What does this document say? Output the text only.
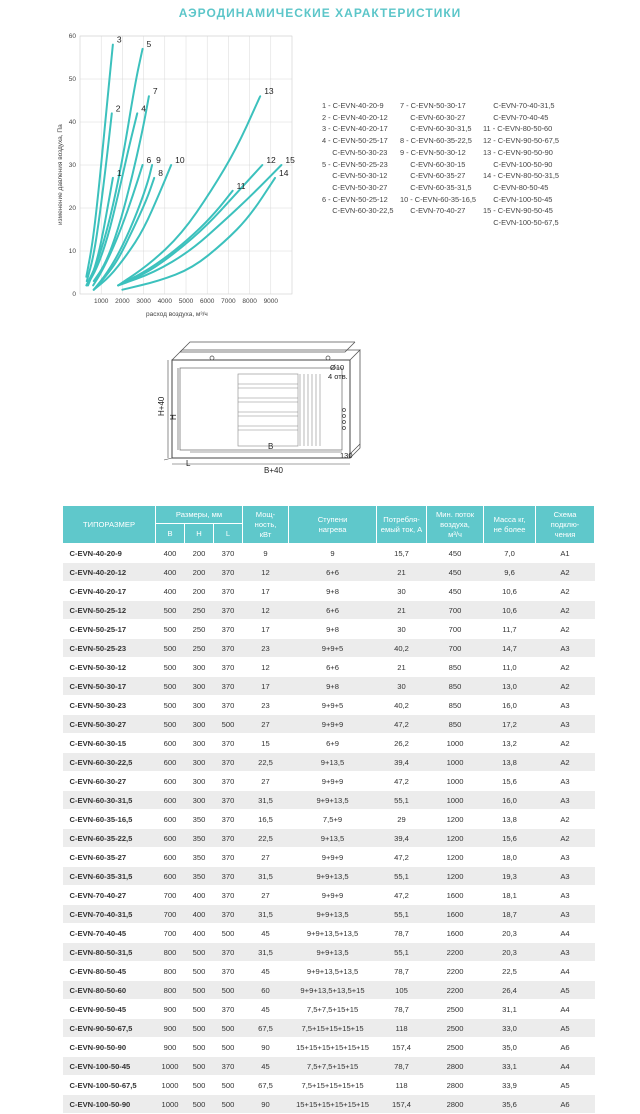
АЭРОДИНАМИЧЕСКИЕ ХАРАКТЕРИСТИКИ
1000 2000 3000 4000 5000 6000 7000 8000 9000
0
10
20
30
40
50
60
расход воздуха, м³/ч
изменение давления воздуха, Па	1
2
3
4
5
6
7
8
9 10
11
12
13
14
15
1 - C-EVN-40-20-9
2 - C-EVN-40-20-12
3 - C-EVN-40-20-17
4 - C-EVN-50-25-17
C-EVN-50-30-23
5 - C-EVN-50-25-23
C-EVN-50-30-12
C-EVN-50-30-27
6 - C-EVN-50-25-12
C-EVN-60-30-22,5
7 - C-EVN-50-30-17
C-EVN-60-30-27
C-EVN-60-30-31,5
8 - C-EVN-60-35-22,5
9 - C-EVN-50-30-12
C-EVN-60-30-15
C-EVN-60-35-27
C-EVN-60-35-31,5
10 - C-EVN-60-35-16,5
C-EVN-70-40-27
C-EVN-70-40-31,5
C-EVN-70-40-45
11 - C-EVN-80-50-60
12 - C-EVN-90-50-67,5
13 - C-EVN-90-50-90
C-EVN-100-50-90
14 - C-EVN-80-50-31,5
C-EVN-80-50-45
C-EVN-100-50-45
15 - C-EVN-90-50-45
C-EVN-100-50-67,5
H+40
H
B
B+40
L
130
Ø10
4 отв.
ТИПОРАЗМЕР	Размеры, мм			Мощ-
ность,
кВт	Ступени
нагрева	Потребля-
емый ток, А	Мин. поток
воздуха,
м³/ч	Масса кг,
не более	Схема
подклю-
чения
	B	H	L						
C-EVN-40-20-9	400	200	370	9	9	15,7	450	7,0	A1
C-EVN-40-20-12	400	200	370	12	6+6	21	450	9,6	A2
C-EVN-40-20-17	400	200	370	17	9+8	30	450	10,6	A2
C-EVN-50-25-12	500	250	370	12	6+6	21	700	10,6	A2
C-EVN-50-25-17	500	250	370	17	9+8	30	700	11,7	A2
C-EVN-50-25-23	500	250	370	23	9+9+5	40,2	700	14,7	A3
C-EVN-50-30-12	500	300	370	12	6+6	21	850	11,0	A2
C-EVN-50-30-17	500	300	370	17	9+8	30	850	13,0	A2
C-EVN-50-30-23	500	300	370	23	9+9+5	40,2	850	16,0	A3
C-EVN-50-30-27	500	300	500	27	9+9+9	47,2	850	17,2	A3
C-EVN-60-30-15	600	300	370	15	6+9	26,2	1000	13,2	A2
C-EVN-60-30-22,5	600	300	370	22,5	9+13,5	39,4	1000	13,8	A2
C-EVN-60-30-27	600	300	370	27	9+9+9	47,2	1000	15,6	A3
C-EVN-60-30-31,5	600	300	370	31,5	9+9+13,5	55,1	1000	16,0	A3
C-EVN-60-35-16,5	600	350	370	16,5	7,5+9	29	1200	13,8	A2
C-EVN-60-35-22,5	600	350	370	22,5	9+13,5	39,4	1200	15,6	A2
C-EVN-60-35-27	600	350	370	27	9+9+9	47,2	1200	18,0	A3
C-EVN-60-35-31,5	600	350	370	31,5	9+9+13,5	55,1	1200	19,3	A3
C-EVN-70-40-27	700	400	370	27	9+9+9	47,2	1600	18,1	A3
C-EVN-70-40-31,5	700	400	370	31,5	9+9+13,5	55,1	1600	18,7	A3
C-EVN-70-40-45	700	400	500	45	9+9+13,5+13,5	78,7	1600	20,3	A4
C-EVN-80-50-31,5	800	500	370	31,5	9+9+13,5	55,1	2200	20,3	A3
C-EVN-80-50-45	800	500	370	45	9+9+13,5+13,5	78,7	2200	22,5	A4
C-EVN-80-50-60	800	500	500	60	9+9+13,5+13,5+15	105	2200	26,4	A5
C-EVN-90-50-45	900	500	370	45	7,5+7,5+15+15	78,7	2500	31,1	A4
C-EVN-90-50-67,5	900	500	500	67,5	7,5+15+15+15+15	118	2500	33,0	A5
C-EVN-90-50-90	900	500	500	90	15+15+15+15+15+15	157,4	2500	35,0	A6
C-EVN-100-50-45	1000	500	370	45	7,5+7,5+15+15	78,7	2800	33,1	A4
C-EVN-100-50-67,5	1000	500	500	67,5	7,5+15+15+15+15	118	2800	33,9	A5
C-EVN-100-50-90	1000	500	500	90	15+15+15+15+15+15	157,4	2800	35,6	A6
